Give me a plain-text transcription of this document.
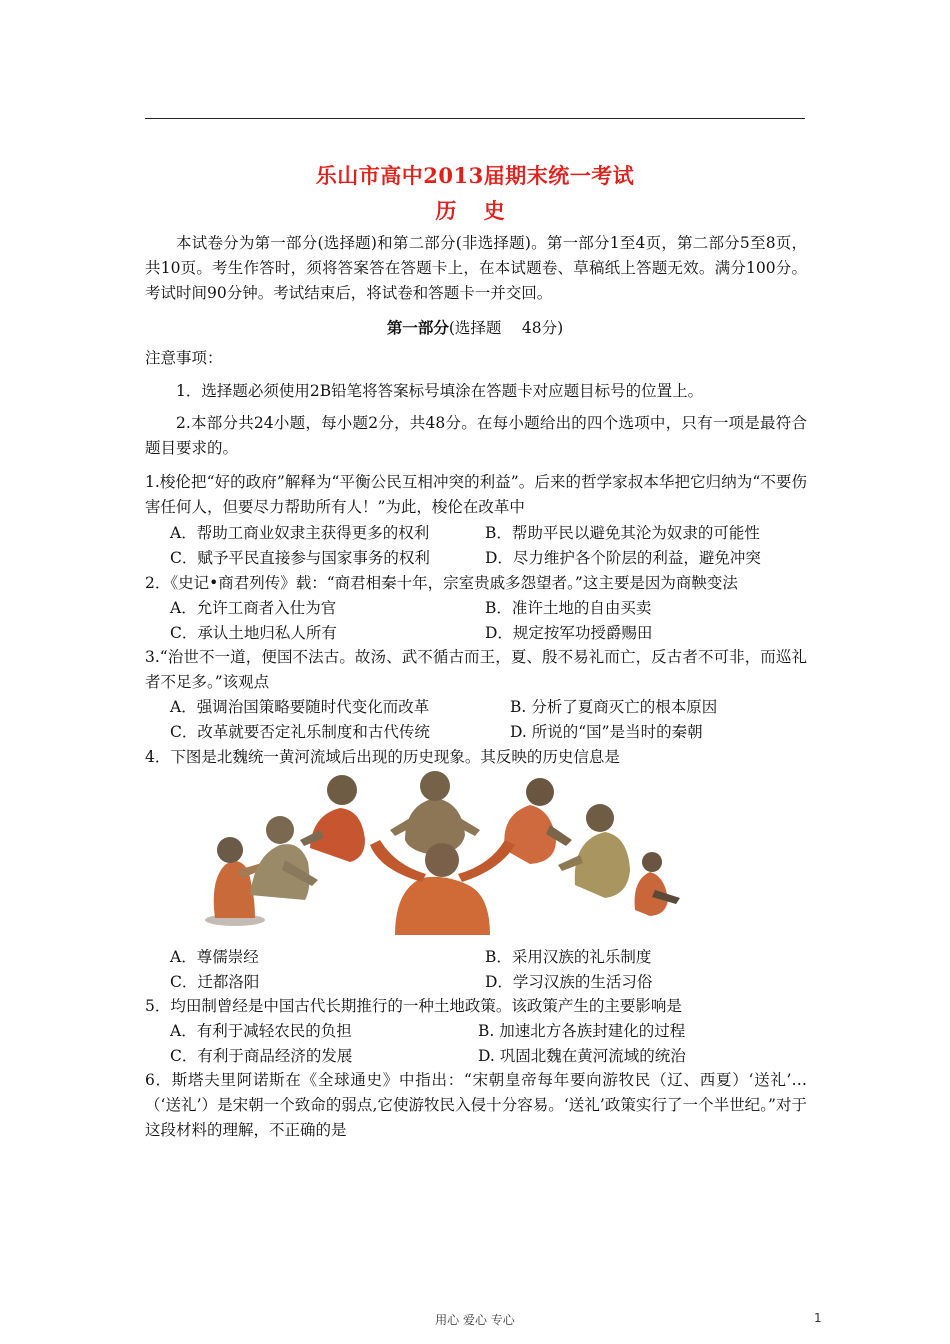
乐山市高中2013届期末统一考试
历 史
本试卷分为第一部分(选择题)和第二部分(非选择题)。第一部分1至4页，第二部分5至8页，共10页。考生作答时，须将答案答在答题卡上，在本试题卷、草稿纸上答题无效。满分100分。考试时间90分钟。考试结束后，将试卷和答题卡一并交回。
第一部分(选择题　 48分)
注意事项：
1．选择题必须使用2B铅笔将答案标号填涂在答题卡对应题目标号的位置上。
2.本部分共24小题，每小题2分，共48分。在每小题给出的四个选项中，只有一项是最符合题目要求的。
1.梭伦把“好的政府”解释为“平衡公民互相冲突的利益”。后来的哲学家叔本华把它归纳为“不要伤害任何人，但要尽力帮助所有人！”为此，梭伦在改革中
A．帮助工商业奴隶主获得更多的权利	B．帮助平民以避免其沦为奴隶的可能性
C．赋予平民直接参与国家事务的权利	D．尽力维护各个阶层的利益，避免冲突
2．《史记•商君列传》载：“商君相秦十年，宗室贵戚多怨望者。”这主要是因为商鞅变法
A．允许工商者入仕为官	B．准许土地的自由买卖
C．承认土地归私人所有	D．规定按军功授爵赐田
3.“治世不一道，便国不法古。故汤、武不循古而王，夏、殷不易礼而亡，反古者不可非，而巡礼者不足多。”该观点
A．强调治国策略要随时代变化而改革	B. 分析了夏商灭亡的根本原因
C．改革就要否定礼乐制度和古代传统	D. 所说的“国”是当时的秦朝
4．下图是北魏统一黄河流域后出现的历史现象。其反映的历史信息是
A．尊儒崇经	B．采用汉族的礼乐制度
C．迁都洛阳	D．学习汉族的生活习俗
5．均田制曾经是中国古代长期推行的一种土地政策。该政策产生的主要影响是
A．有利于减轻农民的负担	B. 加速北方各族封建化的过程
C．有利于商品经济的发展	D. 巩固北魏在黄河流域的统治
6．斯塔夫里阿诺斯在《全球通史》中指出：“宋朝皇帝每年要向游牧民（辽、西夏）‘送礼’…（‘送礼’）是宋朝一个致命的弱点,它使游牧民入侵十分容易。‘送礼’政策实行了一个半世纪。”对于这段材料的理解，不正确的是
用心 爱心 专心	1
